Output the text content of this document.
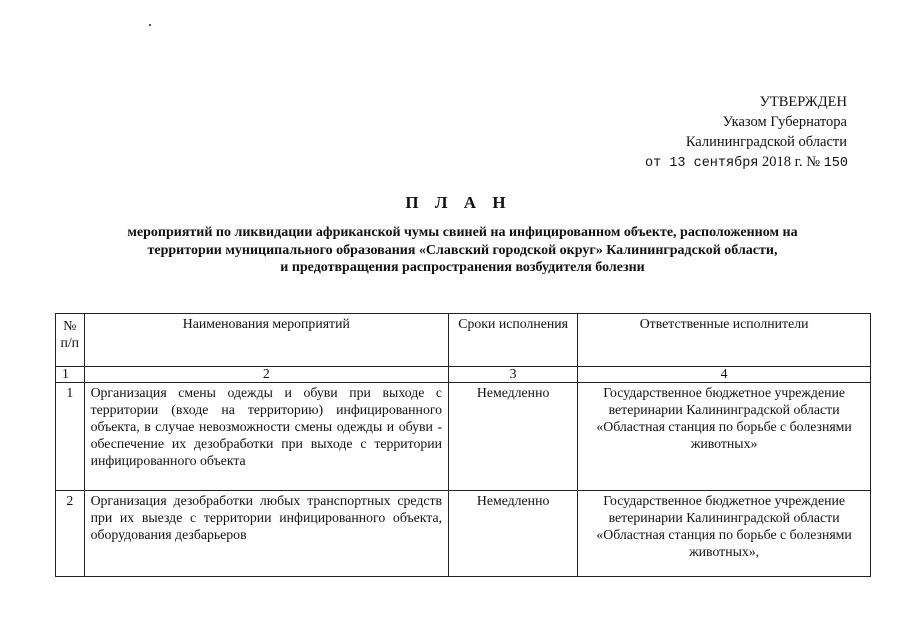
УТВЕРЖДЕН
Указом Губернатора
Калининградской области
от 13 сентября 2018 г. № 150
П Л А Н
мероприятий по ликвидации африканской чумы свиней на инфицированном объекте, расположенном на
территории муниципального образования «Славский городской округ» Калининградской области,
и предотвращения распространения возбудителя болезни
№ п/п	Наименования мероприятий	Сроки исполнения	Ответственные исполнители
1	2	3	4
1	Организация смены одежды и обуви при выходе с территории (входе на территорию) инфицированного объекта, в случае невозможности смены одежды и обуви - обеспечение их дезобработки при выходе с территории инфицированного объекта	Немедленно	Государственное бюджетное учреждение ветеринарии Калининградской области «Областная станция по борьбе с болезнями животных»
2	Организация дезобработки любых транспортных средств при их выезде с территории инфицированного объекта, оборудования дезбарьеров	Немедленно	Государственное бюджетное учреждение ветеринарии Калининградской области «Областная станция по борьбе с болезнями животных»,
